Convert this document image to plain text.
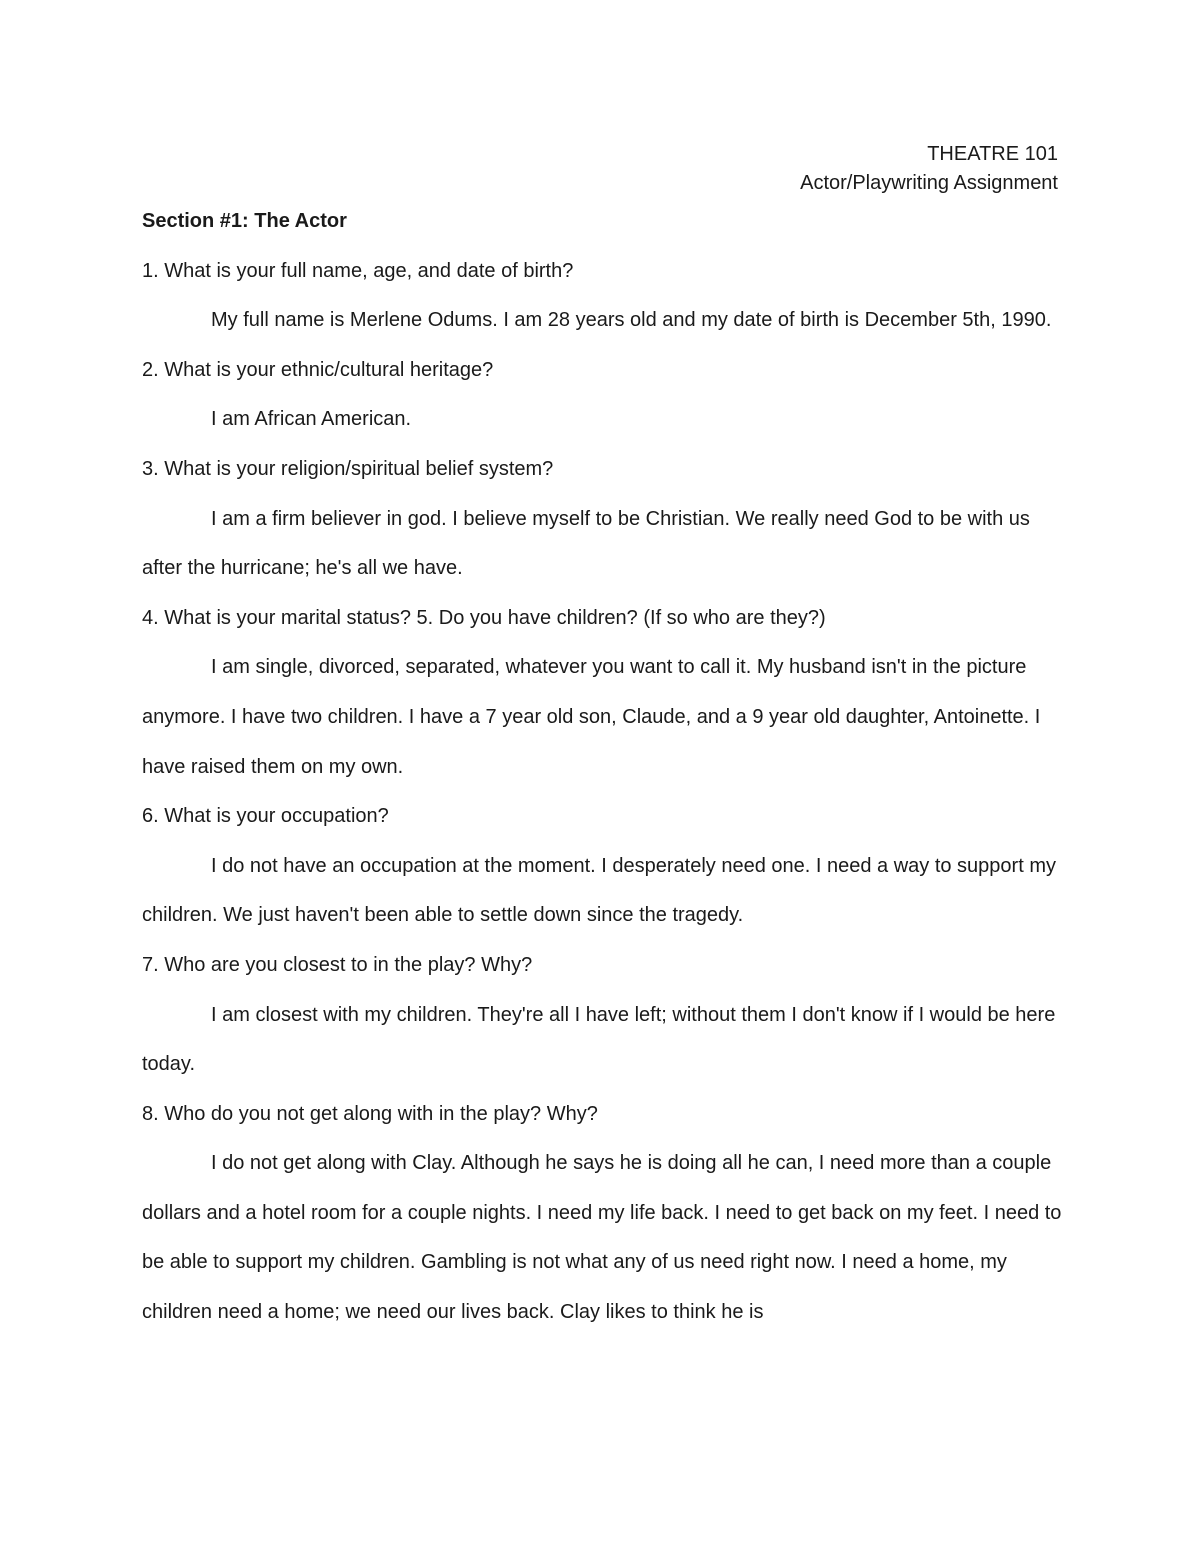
THEATRE 101
Actor/Playwriting Assignment

Section #1: The Actor

1. What is your full name, age, and date of birth?

My full name is Merlene Odums. I am 28 years old and my date of birth is December 5th, 1990.

2. What is your ethnic/cultural heritage?

I am African American.

3. What is your religion/spiritual belief system?

I am a firm believer in god. I believe myself to be Christian. We really need God to be with us after the hurricane; he's all we have.

4. What is your marital status? 5. Do you have children? (If so who are they?)

I am single, divorced, separated, whatever you want to call it. My husband isn't in the picture anymore. I have two children. I have a 7 year old son, Claude, and a 9 year old daughter, Antoinette. I have raised them on my own.

6. What is your occupation?

I do not have an occupation at the moment. I desperately need one. I need a way to support my children. We just haven't been able to settle down since the tragedy.

7. Who are you closest to in the play? Why?

I am closest with my children. They're all I have left; without them I don't know if I would be here today.

8. Who do you not get along with in the play? Why?

I do not get along with Clay. Although he says he is doing all he can, I need more than a couple dollars and a hotel room for a couple nights. I need my life back. I need to get back on my feet. I need to be able to support my children. Gambling is not what any of us need right now. I need a home, my children need a home; we need our lives back. Clay likes to think he is
